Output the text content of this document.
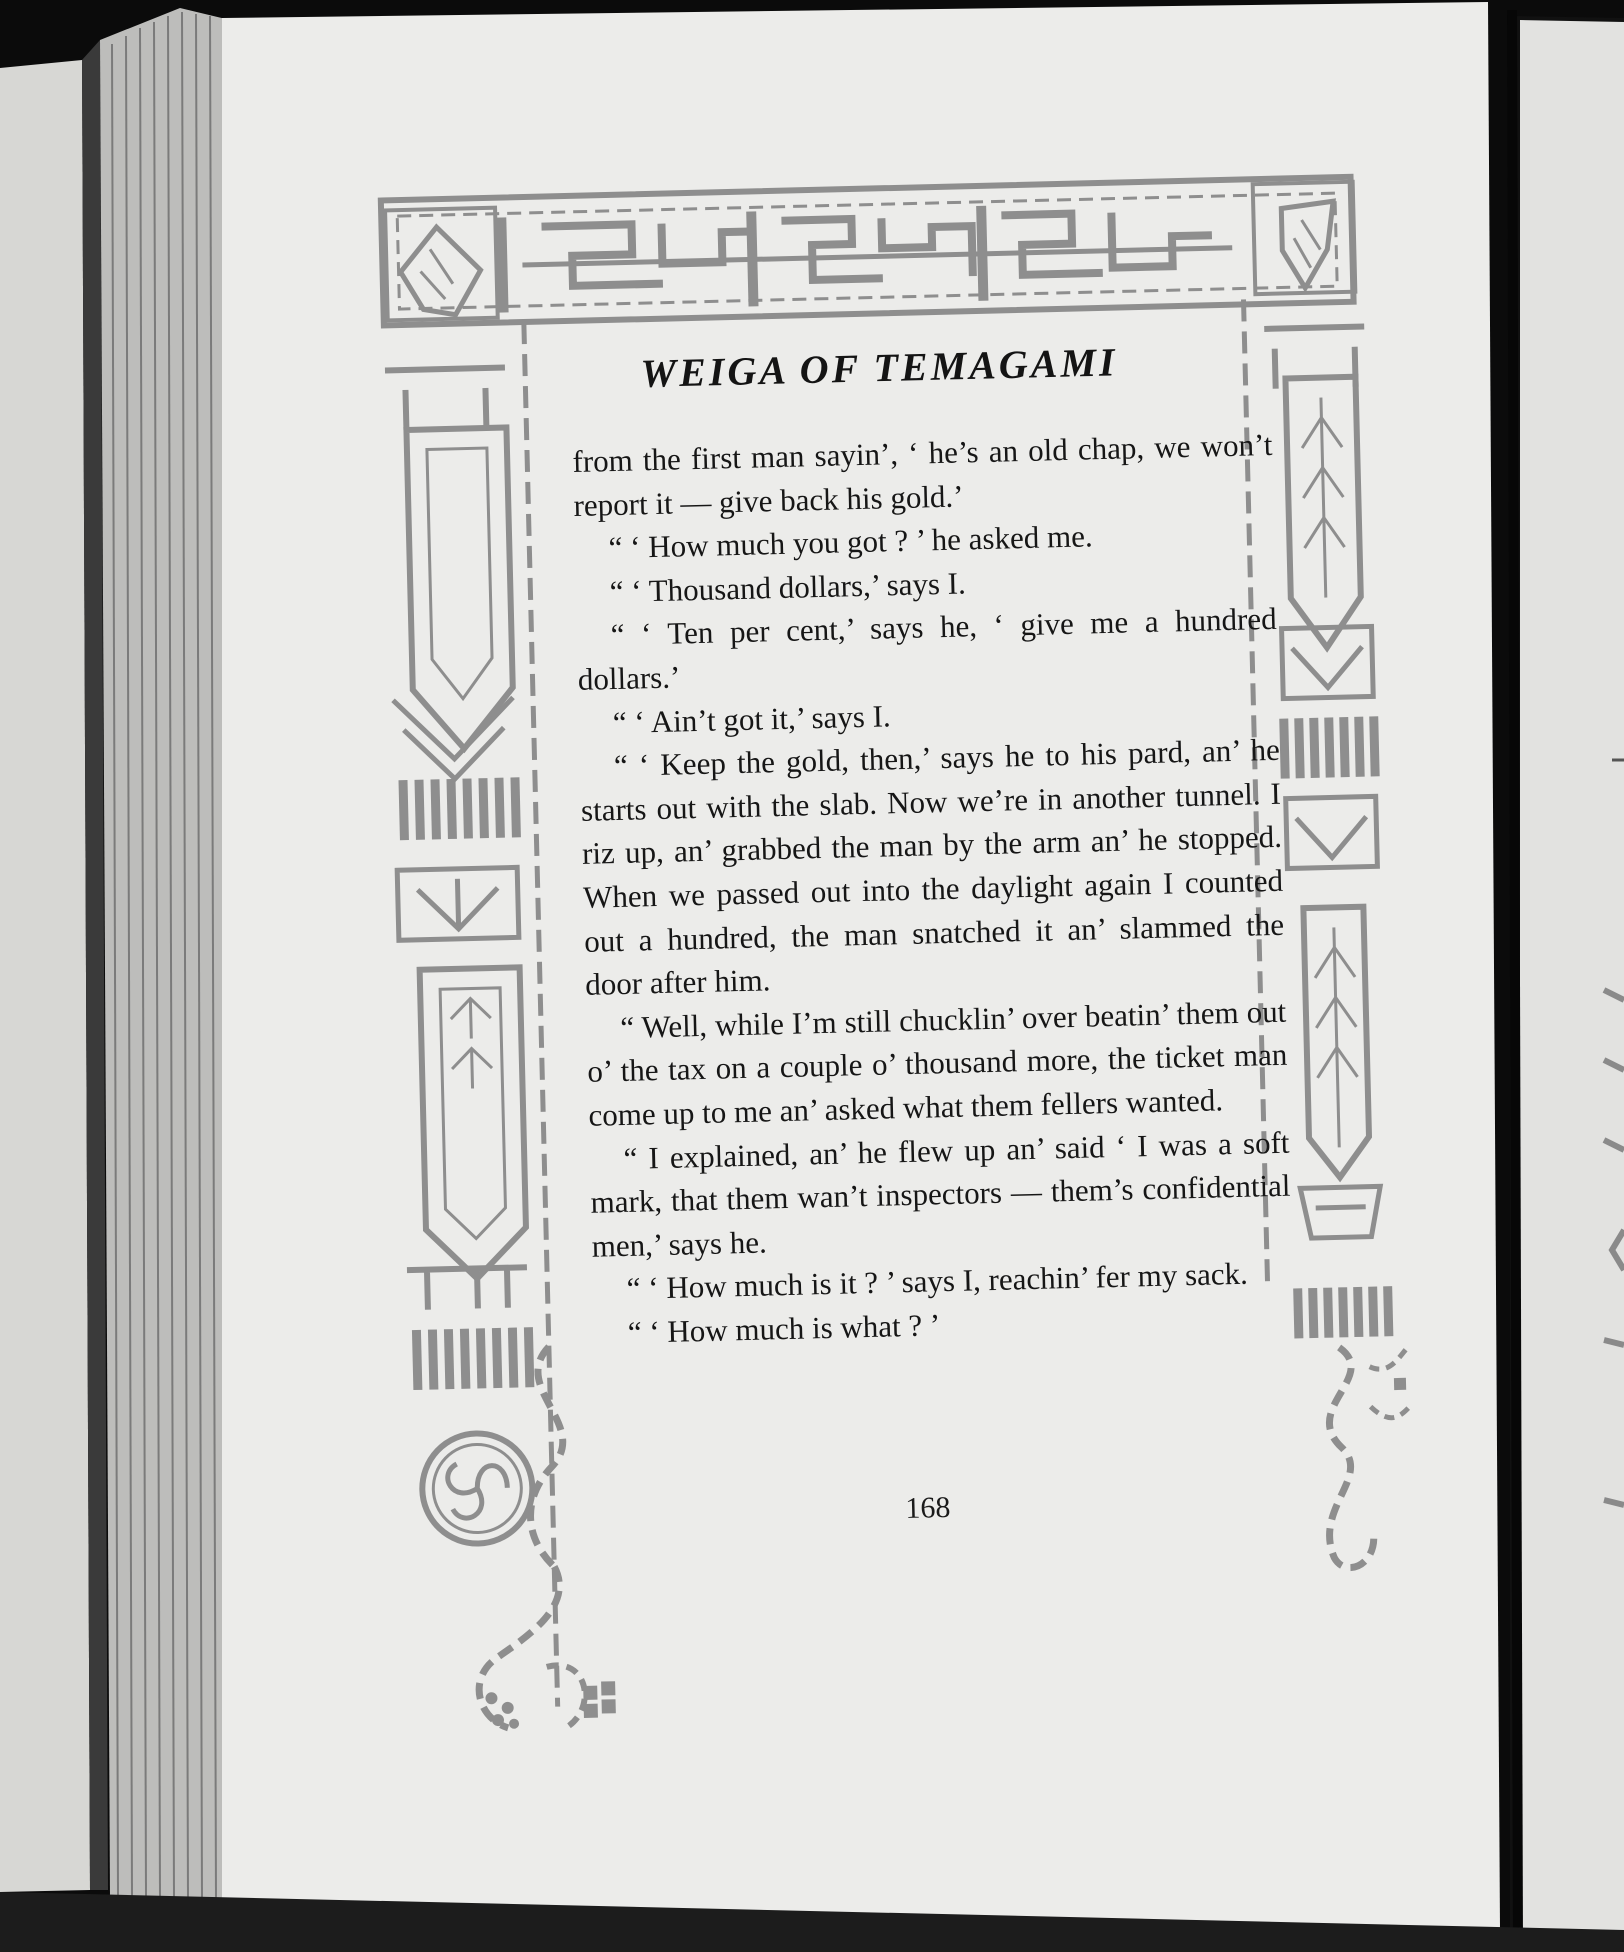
WEIGA OF TEMAGAMI

from the first man sayin’, ‘ he’s an old chap, we won’t report it — give back his gold.’

“ ‘ How much you got ? ’ he asked me.

“ ‘ Thousand dollars,’ says I.

“ ‘ Ten per cent,’ says he, ‘ give me a hundred dollars.’

“ ‘ Ain’t got it,’ says I.

“ ‘ Keep the gold, then,’ says he to his pard, an’ he starts out with the slab. Now we’re in another tunnel. I riz up, an’ grabbed the man by the arm an’ he stopped. When we passed out into the daylight again I counted out a hundred, the man snatched it an’ slammed the door after him.

“ Well, while I’m still chucklin’ over beatin’ them out o’ the tax on a couple o’ thousand more, the ticket man come up to me an’ asked what them fellers wanted.

“ I explained, an’ he flew up an’ said ‘ I was a soft mark, that them wan’t inspectors — them’s confidential men,’ says he.

“ ‘ How much is it ? ’ says I, reachin’ fer my sack.

“ ‘ How much is what ? ’

168
